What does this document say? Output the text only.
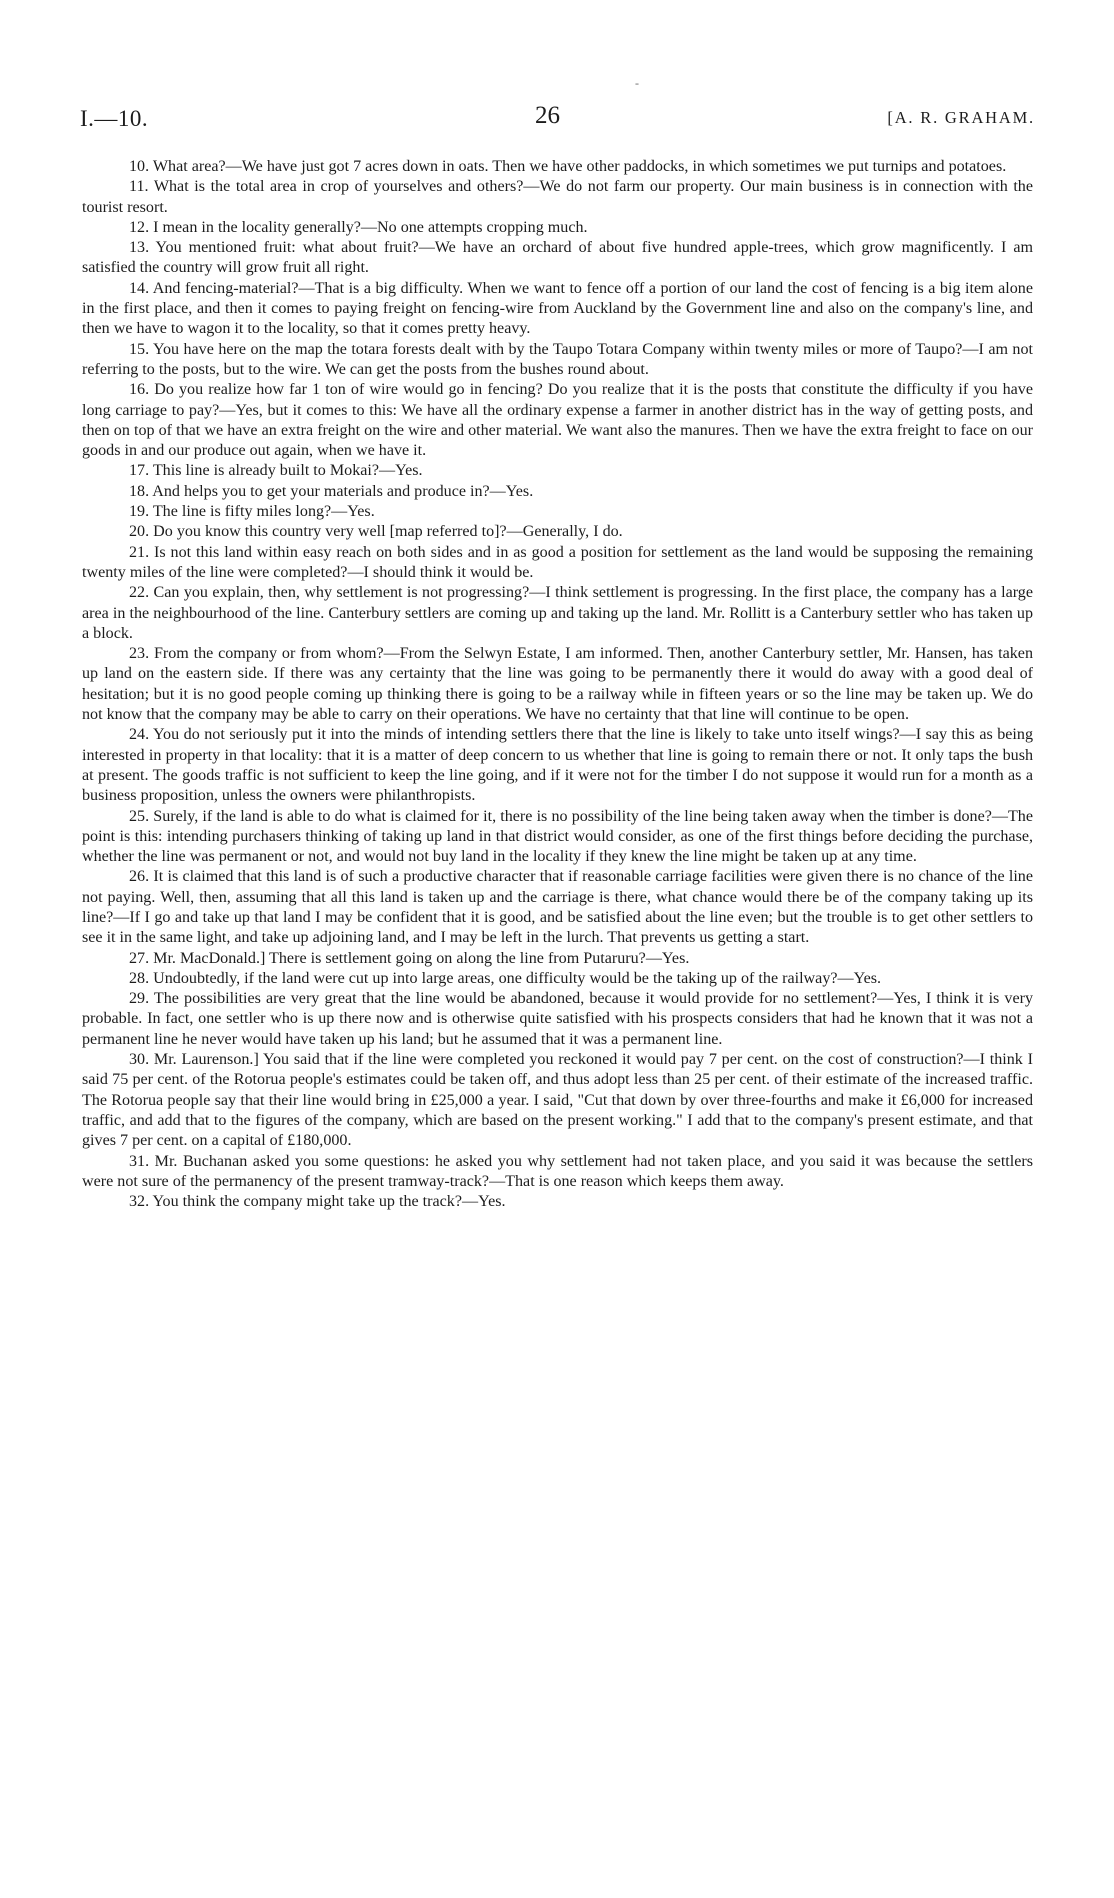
-
I.—10.	26	[A. R. GRAHAM.

10. What area?—We have just got 7 acres down in oats. Then we have other paddocks, in which sometimes we put turnips and potatoes.

11. What is the total area in crop of yourselves and others?—We do not farm our property. Our main business is in connection with the tourist resort.

12. I mean in the locality generally?—No one attempts cropping much.

13. You mentioned fruit: what about fruit?—We have an orchard of about five hundred apple-trees, which grow magnificently. I am satisfied the country will grow fruit all right.

14. And fencing-material?—That is a big difficulty. When we want to fence off a portion of our land the cost of fencing is a big item alone in the first place, and then it comes to paying freight on fencing-wire from Auckland by the Government line and also on the company's line, and then we have to wagon it to the locality, so that it comes pretty heavy.

15. You have here on the map the totara forests dealt with by the Taupo Totara Company within twenty miles or more of Taupo?—I am not referring to the posts, but to the wire. We can get the posts from the bushes round about.

16. Do you realize how far 1 ton of wire would go in fencing? Do you realize that it is the posts that constitute the difficulty if you have long carriage to pay?—Yes, but it comes to this: We have all the ordinary expense a farmer in another district has in the way of getting posts, and then on top of that we have an extra freight on the wire and other material. We want also the manures. Then we have the extra freight to face on our goods in and our produce out again, when we have it.

17. This line is already built to Mokai?—Yes.

18. And helps you to get your materials and produce in?—Yes.

19. The line is fifty miles long?—Yes.

20. Do you know this country very well [map referred to]?—Generally, I do.

21. Is not this land within easy reach on both sides and in as good a position for settlement as the land would be supposing the remaining twenty miles of the line were completed?—I should think it would be.

22. Can you explain, then, why settlement is not progressing?—I think settlement is progressing. In the first place, the company has a large area in the neighbourhood of the line. Canterbury settlers are coming up and taking up the land. Mr. Rollitt is a Canterbury settler who has taken up a block.

23. From the company or from whom?—From the Selwyn Estate, I am informed. Then, another Canterbury settler, Mr. Hansen, has taken up land on the eastern side. If there was any certainty that the line was going to be permanently there it would do away with a good deal of hesitation; but it is no good people coming up thinking there is going to be a railway while in fifteen years or so the line may be taken up. We do not know that the company may be able to carry on their operations. We have no certainty that that line will continue to be open.

24. You do not seriously put it into the minds of intending settlers there that the line is likely to take unto itself wings?—I say this as being interested in property in that locality: that it is a matter of deep concern to us whether that line is going to remain there or not. It only taps the bush at present. The goods traffic is not sufficient to keep the line going, and if it were not for the timber I do not suppose it would run for a month as a business proposition, unless the owners were philanthropists.

25. Surely, if the land is able to do what is claimed for it, there is no possibility of the line being taken away when the timber is done?—The point is this: intending purchasers thinking of taking up land in that district would consider, as one of the first things before deciding the purchase, whether the line was permanent or not, and would not buy land in the locality if they knew the line might be taken up at any time.

26. It is claimed that this land is of such a productive character that if reasonable carriage facilities were given there is no chance of the line not paying. Well, then, assuming that all this land is taken up and the carriage is there, what chance would there be of the company taking up its line?—If I go and take up that land I may be confident that it is good, and be satisfied about the line even; but the trouble is to get other settlers to see it in the same light, and take up adjoining land, and I may be left in the lurch. That prevents us getting a start.

27. Mr. MacDonald.] There is settlement going on along the line from Putaruru?—Yes.

28. Undoubtedly, if the land were cut up into large areas, one difficulty would be the taking up of the railway?—Yes.

29. The possibilities are very great that the line would be abandoned, because it would provide for no settlement?—Yes, I think it is very probable. In fact, one settler who is up there now and is otherwise quite satisfied with his prospects considers that had he known that it was not a permanent line he never would have taken up his land; but he assumed that it was a permanent line.

30. Mr. Laurenson.] You said that if the line were completed you reckoned it would pay 7 per cent. on the cost of construction?—I think I said 75 per cent. of the Rotorua people's estimates could be taken off, and thus adopt less than 25 per cent. of their estimate of the increased traffic. The Rotorua people say that their line would bring in £25,000 a year. I said, "Cut that down by over three-fourths and make it £6,000 for increased traffic, and add that to the figures of the company, which are based on the present working." I add that to the company's present estimate, and that gives 7 per cent. on a capital of £180,000.

31. Mr. Buchanan asked you some questions: he asked you why settlement had not taken place, and you said it was because the settlers were not sure of the permanency of the present tramway-track?—That is one reason which keeps them away.

32. You think the company might take up the track?—Yes.
